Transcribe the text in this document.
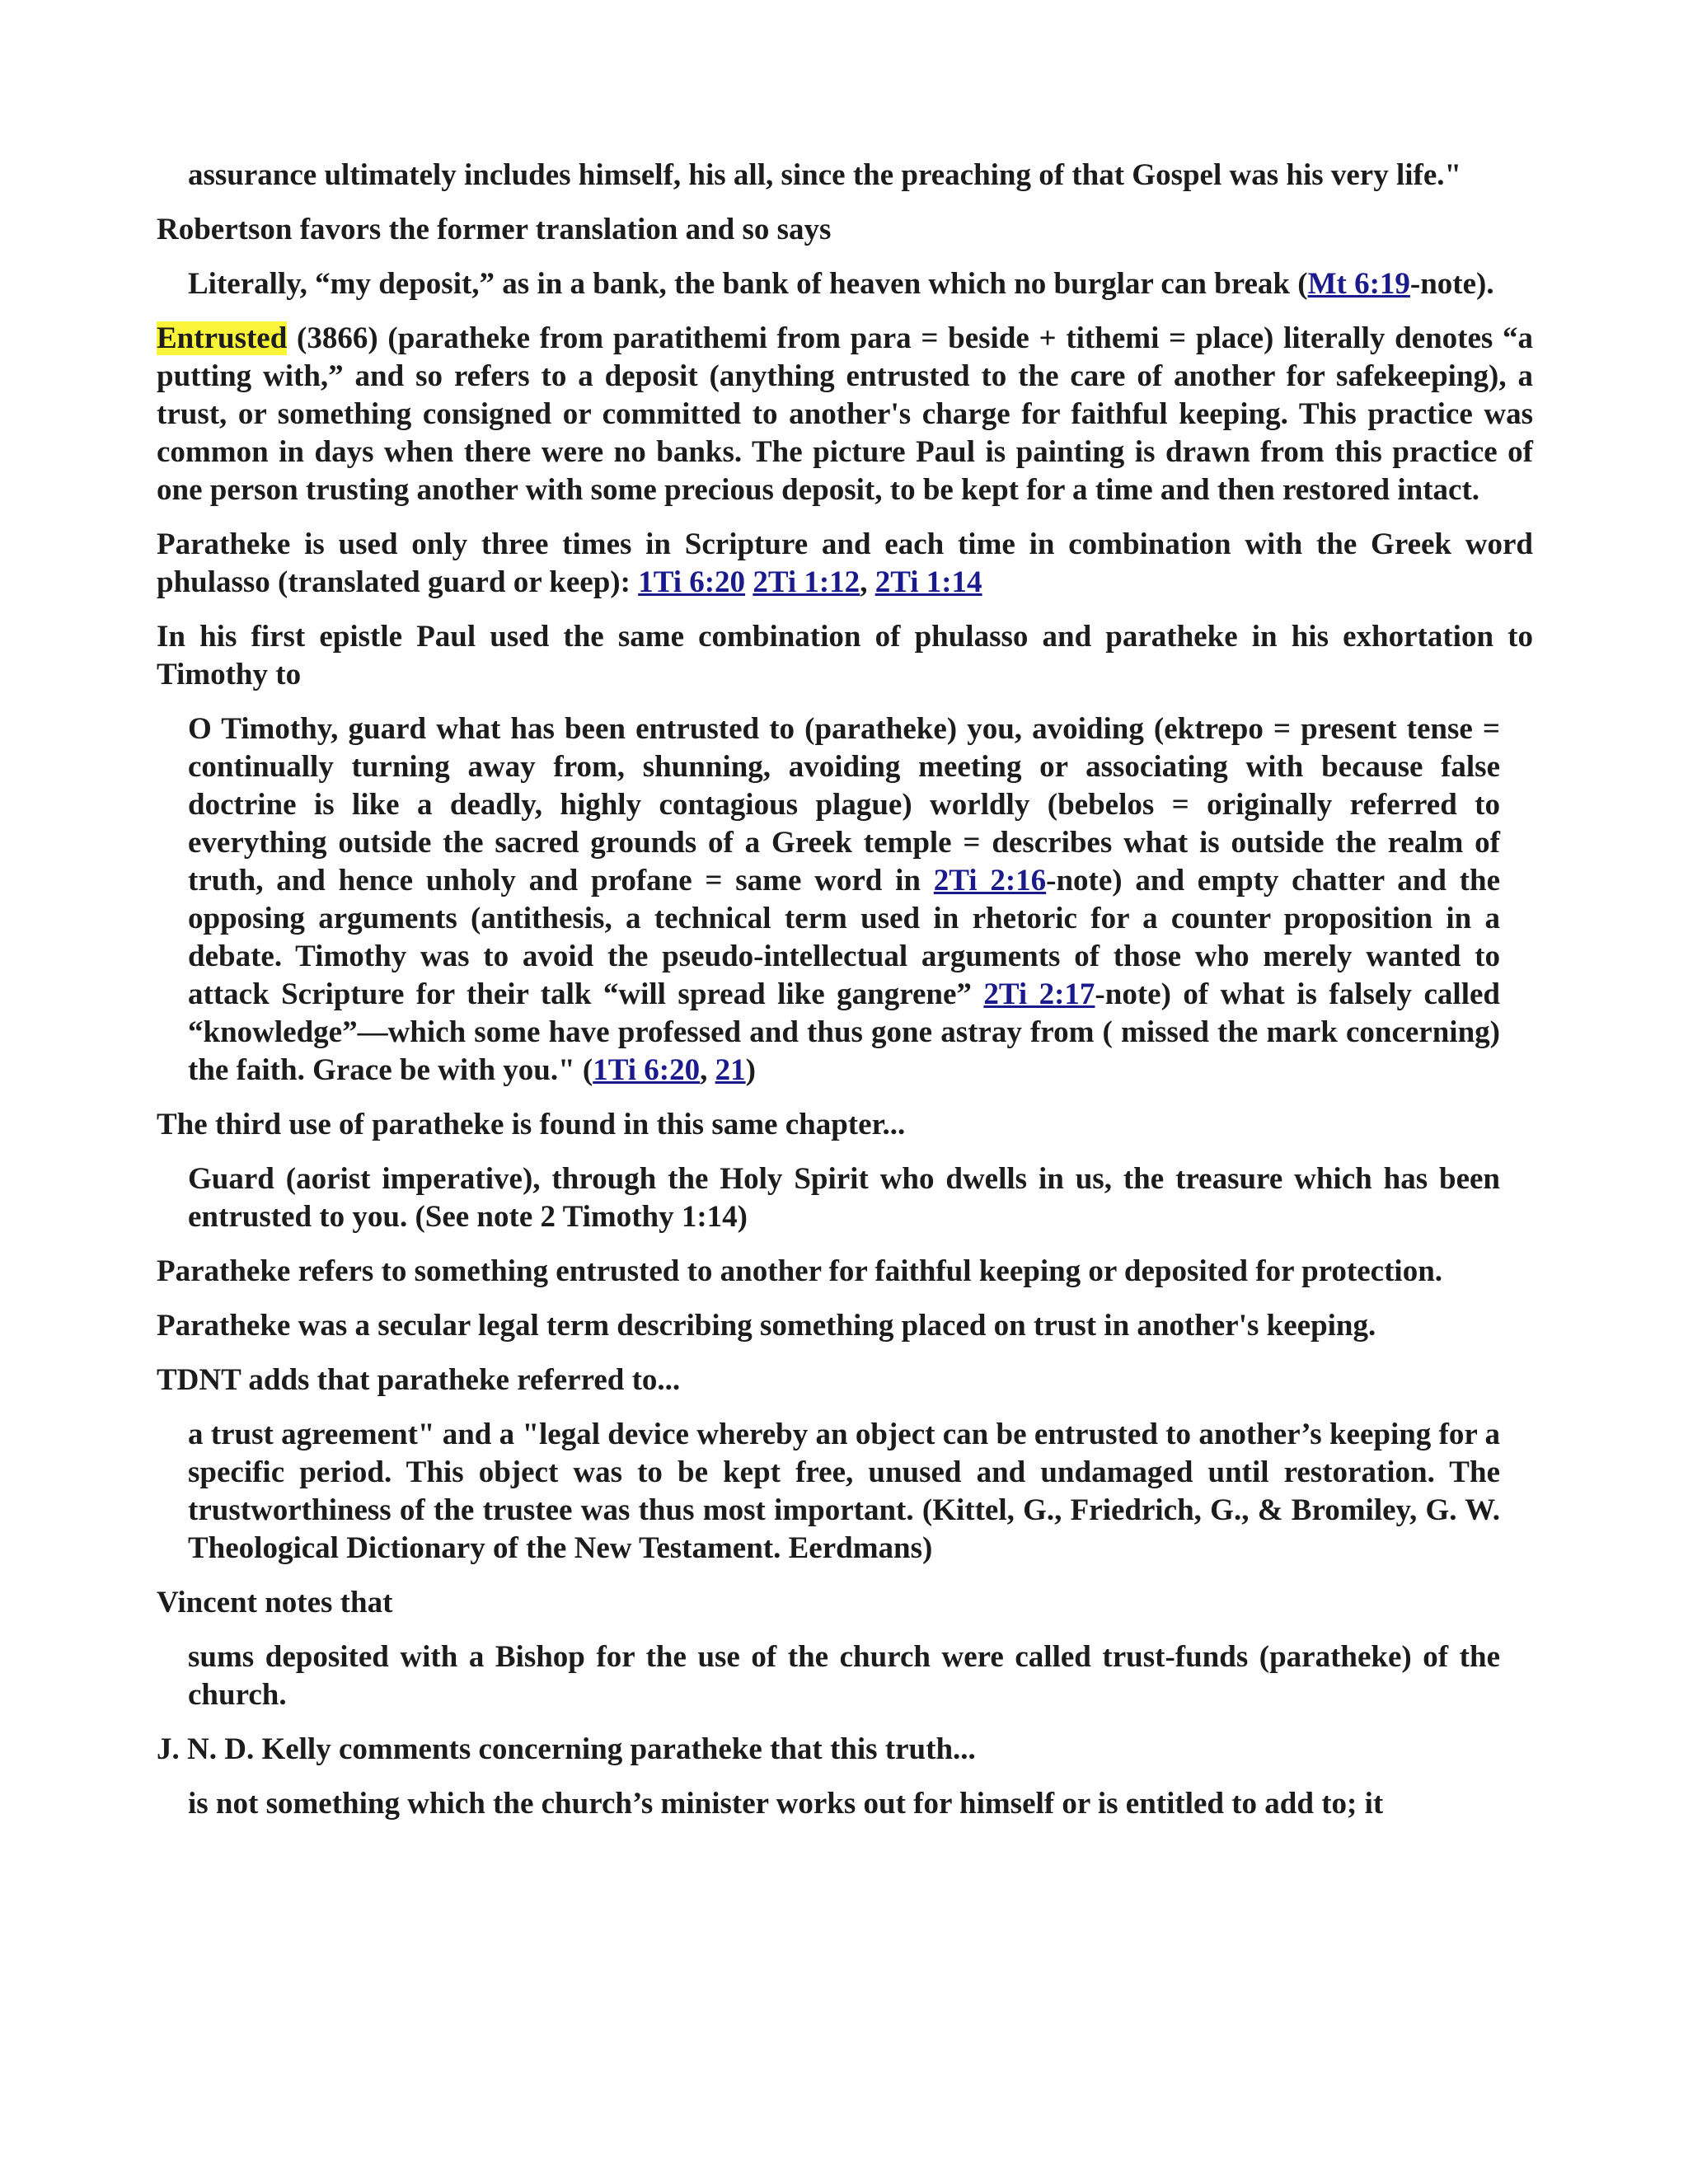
assurance ultimately includes himself, his all, since the preaching of that Gospel was his very life."

Robertson favors the former translation and so says

Literally, “my deposit,” as in a bank, the bank of heaven which no burglar can break (Mt 6:19-note).

Entrusted (3866) (paratheke from paratithemi from para = beside + tithemi = place) literally denotes “a putting with,” and so refers to a deposit (anything entrusted to the care of another for safekeeping), a trust, or something consigned or committed to another's charge for faithful keeping. This practice was common in days when there were no banks. The picture Paul is painting is drawn from this practice of one person trusting another with some precious deposit, to be kept for a time and then restored intact.

Paratheke is used only three times in Scripture and each time in combination with the Greek word phulasso (translated guard or keep): 1Ti 6:20 2Ti 1:12, 2Ti 1:14

In his first epistle Paul used the same combination of phulasso and paratheke in his exhortation to Timothy to

O Timothy, guard what has been entrusted to (paratheke) you, avoiding (ektrepo = present tense = continually turning away from, shunning, avoiding meeting or associating with because false doctrine is like a deadly, highly contagious plague) worldly (bebelos = originally referred to everything outside the sacred grounds of a Greek temple = describes what is outside the realm of truth, and hence unholy and profane = same word in 2Ti 2:16-note) and empty chatter and the opposing arguments (antithesis, a technical term used in rhetoric for a counter proposition in a debate. Timothy was to avoid the pseudo-intellectual arguments of those who merely wanted to attack Scripture for their talk “will spread like gangrene” 2Ti 2:17-note) of what is falsely called “knowledge”—which some have professed and thus gone astray from ( missed the mark concerning) the faith. Grace be with you." (1Ti 6:20, 21)

The third use of paratheke is found in this same chapter...

Guard (aorist imperative), through the Holy Spirit who dwells in us, the treasure which has been entrusted to you. (See note 2 Timothy 1:14)

Paratheke refers to something entrusted to another for faithful keeping or deposited for protection.

Paratheke was a secular legal term describing something placed on trust in another's keeping.

TDNT adds that paratheke referred to...

a trust agreement" and a "legal device whereby an object can be entrusted to another’s keeping for a specific period. This object was to be kept free, unused and undamaged until restoration. The trustworthiness of the trustee was thus most important. (Kittel, G., Friedrich, G., & Bromiley, G. W. Theological Dictionary of the New Testament. Eerdmans)

Vincent notes that

sums deposited with a Bishop for the use of the church were called trust-funds (paratheke) of the church.

J. N. D. Kelly comments concerning paratheke that this truth...

is not something which the church’s minister works out for himself or is entitled to add to; it
